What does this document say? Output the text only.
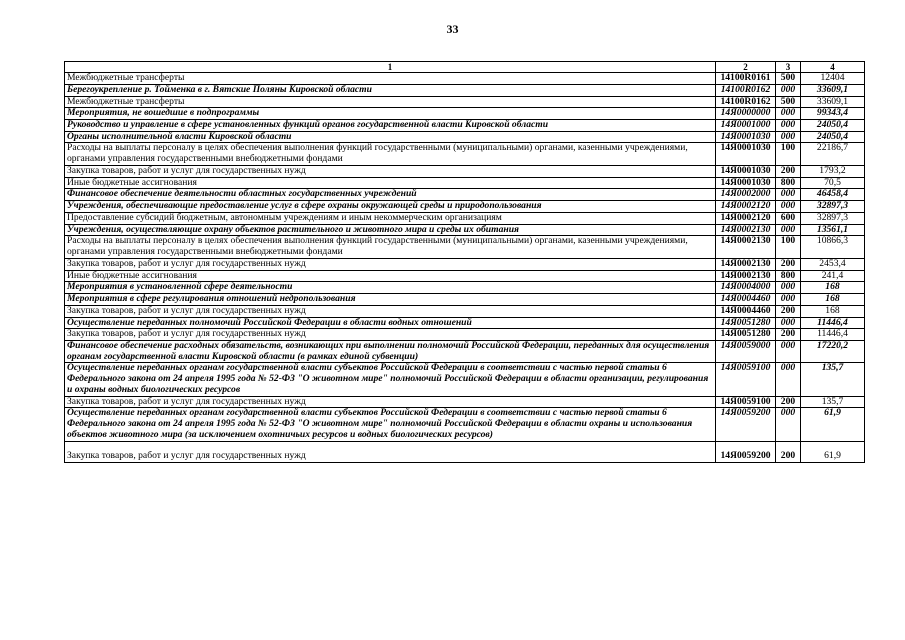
33
1	2	3	4
Межбюджетные трансферты	14100R0161	500	12404
Берегоукрепление р. Тойменка в г. Вятские Поляны Кировской области	14100R0162	000	33609,1
Межбюджетные трансферты	14100R0162	500	33609,1
Мероприятия, не вошедшие в подпрограммы	14Я0000000	000	99343,4
Руководство и управление в сфере установленных функций органов государственной власти Кировской области	14Я0001000	000	24050,4
Органы исполнительной власти Кировской области	14Я0001030	000	24050,4
Расходы на выплаты персоналу в целях обеспечения выполнения функций государственными (муниципальными) органами, казенными учреждениями, органами управления государственными внебюджетными фондами	14Я0001030	100	22186,7
Закупка товаров, работ и услуг для государственных нужд	14Я0001030	200	1793,2
Иные бюджетные ассигнования	14Я0001030	800	70,5
Финансовое обеспечение деятельности областных государственных учреждений	14Я0002000	000	46458,4
Учреждения, обеспечивающие предоставление услуг в сфере охраны окружающей среды и природопользования	14Я0002120	000	32897,3
Предоставление субсидий бюджетным, автономным учреждениям и иным некоммерческим организациям	14Я0002120	600	32897,3
Учреждения, осуществляющие охрану объектов растительного и животного мира и среды их обитания	14Я0002130	000	13561,1
Расходы на выплаты персоналу в целях обеспечения выполнения функций государственными (муниципальными) органами, казенными учреждениями, органами управления государственными внебюджетными фондами	14Я0002130	100	10866,3
Закупка товаров, работ и услуг для государственных нужд	14Я0002130	200	2453,4
Иные бюджетные ассигнования	14Я0002130	800	241,4
Мероприятия в установленной сфере деятельности	14Я0004000	000	168
Мероприятия в сфере регулирования отношений недропользования	14Я0004460	000	168
Закупка товаров, работ и услуг для государственных нужд	14Я0004460	200	168
Осуществление переданных полномочий Российской Федерации в области водных отношений	14Я0051280	000	11446,4
Закупка товаров, работ и услуг для государственных нужд	14Я0051280	200	11446,4
Финансовое обеспечение расходных обязательств, возникающих при выполнении полномочий Российской Федерации, переданных для осуществления органам государственной власти Кировской области (в рамках единой субвенции)	14Я0059000	000	17220,2
Осуществление переданных органам государственной власти субъектов Российской Федерации в соответствии с частью первой статьи 6 Федерального закона от 24 апреля 1995 года № 52-ФЗ "О животном мире" полномочий Российской Федерации в области организации, регулирования и охраны водных биологических ресурсов	14Я0059100	000	135,7
Закупка товаров, работ и услуг для государственных нужд	14Я0059100	200	135,7
Осуществление переданных органам государственной власти субъектов Российской Федерации в соответствии с частью первой статьи 6 Федерального закона от 24 апреля 1995 года № 52-ФЗ "О животном мире" полномочий Российской Федерации в области охраны и использования объектов животного мира (за исключением охотничьих ресурсов и водных биологических ресурсов)	14Я0059200	000	61,9
Закупка товаров, работ и услуг для государственных нужд	14Я0059200	200	61,9
